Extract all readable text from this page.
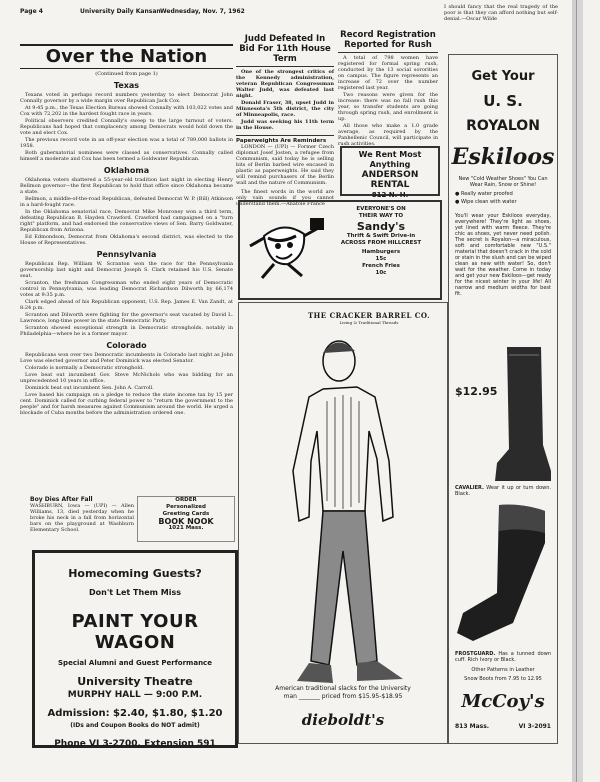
Page 4	University Daily Kansan Wednesday, Nov. 7, 1962
Over the Nation
(Continued from page 1)
Texas

Texans voted in perhaps record numbers yesterday to elect Democrat John Connally governor by a wide margin over Republican Jack Cox.

At 9:45 p.m., the Texas Election Bureau showed Connally with 103,022 votes and Cox with 72,202 in the hardest fought race in years.

Political observers credited Connally's sweep to the large turnout of voters. Republicans had hoped that complacency among Democrats would hold down the vote and elect Cox.

The previous record vote in an off-year election was a total of 789,000 ballots in 1958.

Both gubernatorial nominees were classed as conservatives. Connally called himself a moderate and Cox has been termed a Goldwater Republican.

Oklahoma

Oklahoma voters shattered a 55-year-old tradition last night in electing Henry Bellmon governor—the first Republican to hold that office since Oklahoma became a state.

Bellmon, a middle-of-the-road Republican, defeated Democrat W. P. (Bill) Atkinson in a hard-fought race.

In the Oklahoma senatorial race, Democrat Mike Monroney won a third term, defeating Republican B. Hayden Crawford. Crawford had campaigned on a "turn right" platform, and had endorsed the conservative views of Sen. Barry Goldwater, Republican from Arizona.

Ed Edmondson, Democrat from Oklahoma's second district, was elected to the House of Representatives.

Pennsylvania

Republican Rep. William W. Scranton won the race for the Pennsylvania governorship last night and Democrat Joseph S. Clark retained his U.S. Senate seat.

Scranton, the freshman Congressman who ended eight years of Democratic control in Pennsylvania, was leading Democrat Richardson Dilworth by 66,174 votes at 9:35 p.m.

Clark edged ahead of his Republican opponent, U.S. Rep. James E. Van Zandt, at 8:24 p.m.

Scranton and Dilworth were fighting for the governor's seat vacated by David L. Lawrence, long-time power in the state Democratic Party.

Scranton showed exceptional strength in Democratic strongholds, notably in Philadelphia—where he is a former mayor.

Colorado

Republicans won over two Democratic incumbents in Colorado last night as John Love was elected governor and Peter Dominick was elected Senator.

Colorado is normally a Democratic stronghold.

Love beat out incumbent Gov. Steve McNichols who was bidding for an unprecedented 10 years in office.

Dominick beat out incumbent Sen. John A. Carroll.

Love based his campaign on a pledge to reduce the state income tax by 15 per cent. Dominick called for curbing federal power to "return the government to the people" and for harsh measures against Communism around the world. He urged a blockade of Cuba months before the administration ordered one.

Boy Dies After Fall
WASHBURN, Iowa — (UPI) — Allen Williams, 13, died yesterday when he broke his neck in a fall from horizontal bars on the playground at Washburn Elementary School.
ORDER
Personalized
Greeting Cards
BOOK NOOK
1021 Mass.
Homecoming Guests?
Don't Let Them Miss
PAINT YOUR WAGON
Special Alumni and Guest Performance
University Theatre
MURPHY HALL — 9:00 P.M.
Admission: $2.40, $1.80, $1.20
(IDs and Coupon Books do NOT admit)
Phone VI 3-2700, Extension 591
Judd Defeated In Bid For 11th House Term

One of the strongest critics of the Kennedy administration, veteran Republican Congressman Walter Judd, was defeated last night.

Donald Fraser, 38, upset Judd in Minnesota's 5th district, the city of Minneapolis, race.

Judd was seeking his 11th term in the House.

Paperweights Are Reminders

LONDON — (UPI) — Former Czech diplomat Josef Josten, a refugee from Communism, said today he is selling bits of Berlin barbed wire encased in plastic as paperweights. He said they will remind purchasers of the Berlin wall and the nature of Communism.

The finest words in the world are only vain sounds if you cannot understand them.—Anatole France
Record Registration Reported for Rush

A total of 798 women have registered for formal spring rush, conducted by the 13 social sororities on campus. The figure represents an increase of 72 over the number registered last year.

Two reasons were given for the increase: there was no fall rush this year, so transfer students are going through spring rush, and enrollment is up.

All those who make a 1.0 grade average, as required by the Panhellenic Council, will participate in rush activities.

We Rent Most
Anything
ANDERSON RENTAL
812 N. H.
EVERYONE'S ON
THEIR WAY TO
Sandy's
Thrift & Swift Drive-in
ACROSS FROM HILLCREST
Hamburgers
15c
French Fries
10c
THE CRACKER BARREL CO.
Living & Traditional Threads
American traditional slacks for the University
man _______ priced from $15.95-$18.95
dieboldt's
I should fancy that the real tragedy of the poor is that they can afford nothing but self-denial.—Oscar Wilde
Get Your
U. S.
ROYALON
Eskiloos
New "Cold Weather Shoes" You Can Wear Rain, Snow or Shine!
● Really water proofed
● Wipe clean with water
You'll wear your Eskiloos everyday, everywhere! They're light as shoes, yet lined with warm fleece. They're chic as shoes, yet never need polish. The secret is Royalon—a miraculous, soft and comfortable new "U.S." material that doesn't crack in the cold or stain in the slush and can be wiped clean as new with water! So, don't wait for the weather. Come in today and get your new Eskiloos—get ready for the nicest winter in your life! All narrow and medium widths for best fit.
$12.95
CAVALIER. Wear it up or turn down. Black.
FROSTGUARD. Has a tunned down cuff. Rich Ivory or Black.
Other Patterns in Leather
Snow Boots from 7.95 to 12.95
McCoy's
813 Mass.	VI 3-2091
